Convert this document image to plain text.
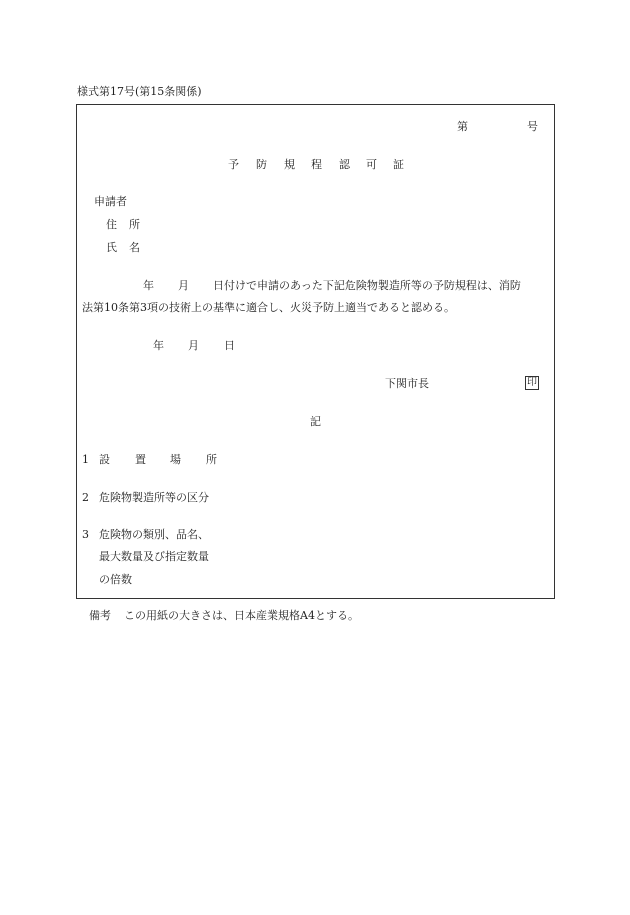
様式第17号(第15条関係)
第	号
予 防 規 程 認 可 証
申請者
住 所
氏 名
年 月 日付けで申請のあった下記危険物製造所等の予防規程は、消防
法第10条第3項の技術上の基準に適合し、火災予防上適当であると認める。
年 月 日
下関市長	印
記
1 設 置 場 所
2 危険物製造所等の区分
3 危険物の類別、品名、
最大数量及び指定数量
の倍数
備考 この用紙の大きさは、日本産業規格A4とする。
